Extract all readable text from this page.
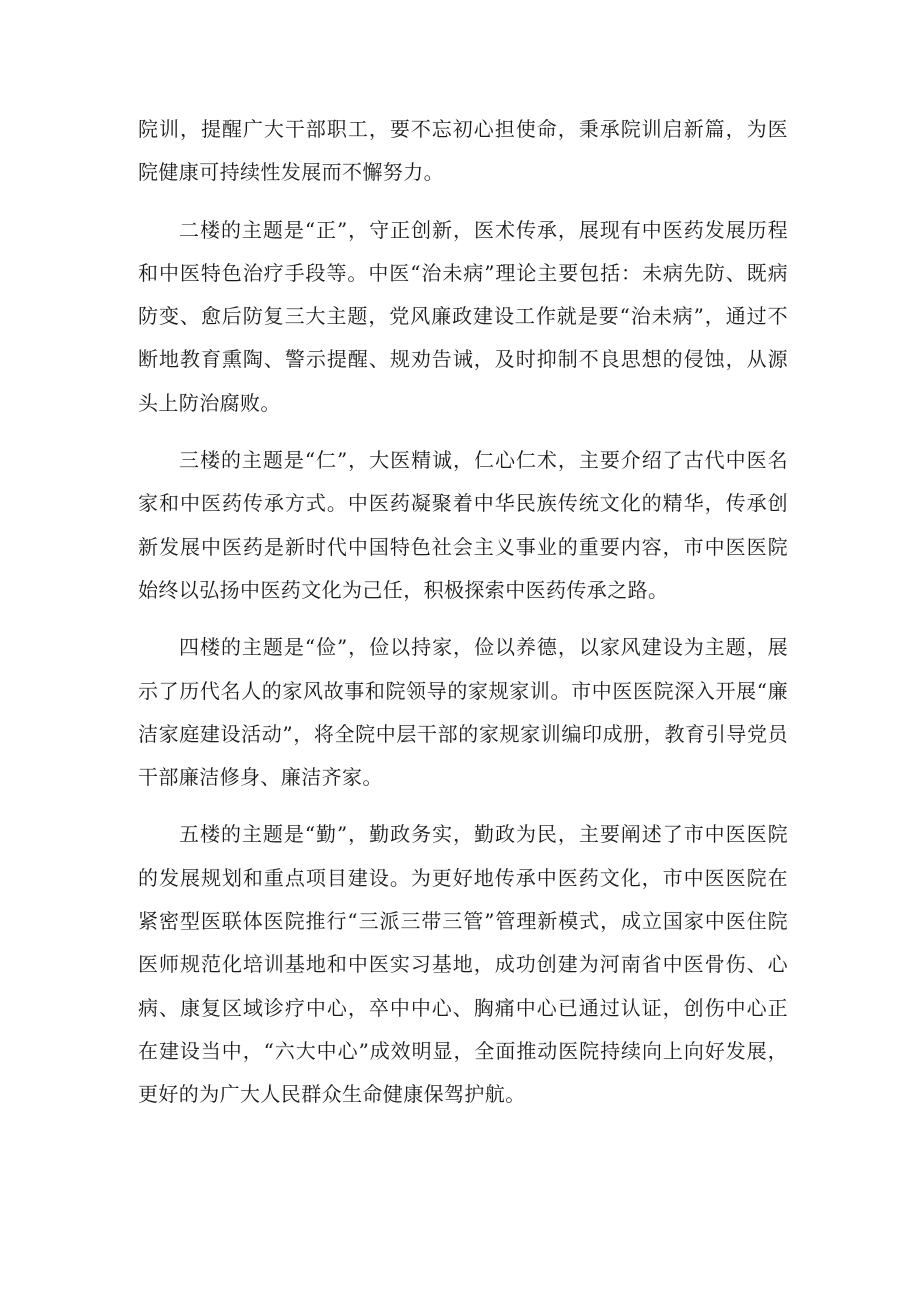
院训，提醒广大干部职工，要不忘初心担使命，秉承院训启新篇，为医院健康可持续性发展而不懈努力。

二楼的主题是“正”，守正创新，医术传承，展现有中医药发展历程和中医特色治疗手段等。中医“治未病”理论主要包括：未病先防、既病防变、愈后防复三大主题，党风廉政建设工作就是要“治未病”，通过不断地教育熏陶、警示提醒、规劝告诫，及时抑制不良思想的侵蚀，从源头上防治腐败。

三楼的主题是“仁”，大医精诚，仁心仁术，主要介绍了古代中医名家和中医药传承方式。中医药凝聚着中华民族传统文化的精华，传承创新发展中医药是新时代中国特色社会主义事业的重要内容，市中医医院始终以弘扬中医药文化为己任，积极探索中医药传承之路。

四楼的主题是“俭”，俭以持家，俭以养德，以家风建设为主题，展示了历代名人的家风故事和院领导的家规家训。市中医医院深入开展“廉洁家庭建设活动”，将全院中层干部的家规家训编印成册，教育引导党员干部廉洁修身、廉洁齐家。

五楼的主题是“勤”，勤政务实，勤政为民，主要阐述了市中医医院的发展规划和重点项目建设。为更好地传承中医药文化，市中医医院在紧密型医联体医院推行“三派三带三管”管理新模式，成立国家中医住院医师规范化培训基地和中医实习基地，成功创建为河南省中医骨伤、心病、康复区域诊疗中心，卒中中心、胸痛中心已通过认证，创伤中心正在建设当中，“六大中心”成效明显，全面推动医院持续向上向好发展，更好的为广大人民群众生命健康保驾护航。
